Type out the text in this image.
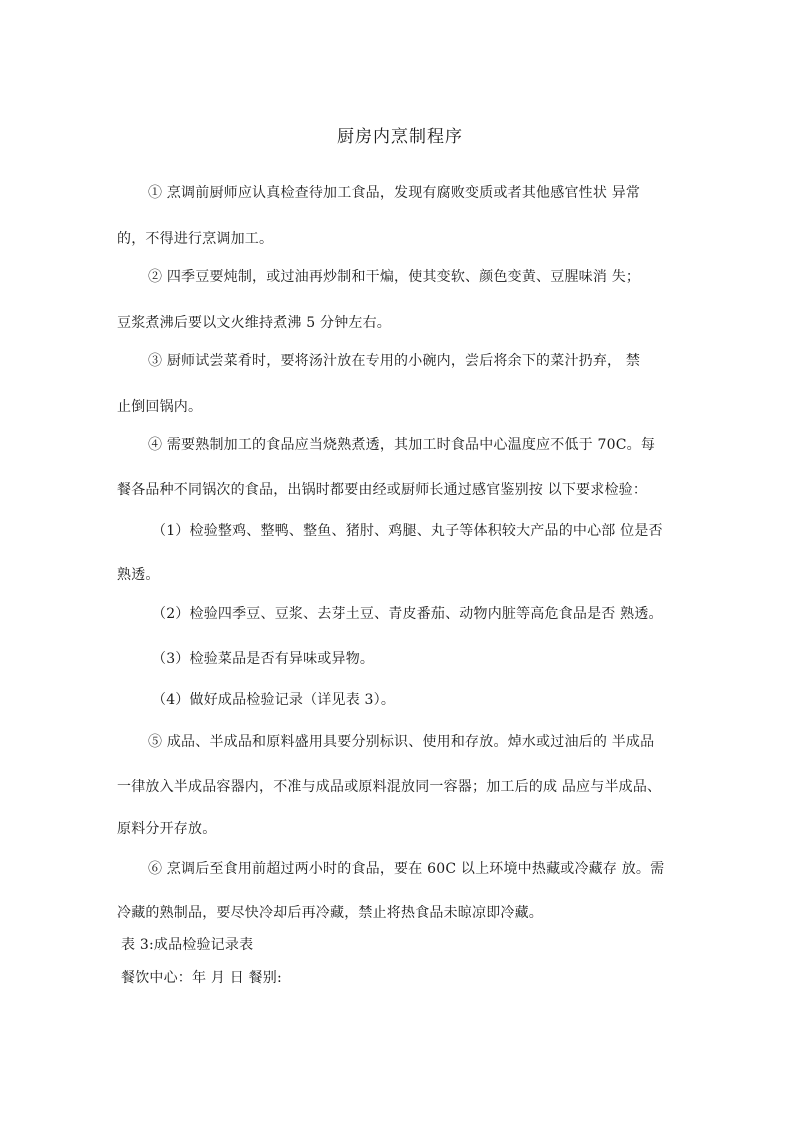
厨房内烹制程序
① 烹调前厨师应认真检查待加工食品，发现有腐败变质或者其他感官性状 异常
的，不得进行烹调加工。
② 四季豆要炖制，或过油再炒制和干煸，使其变软、颜色变黄、豆腥味消 失；
豆浆煮沸后要以文火维持煮沸 5 分钟左右。
③ 厨师试尝菜肴时，要将汤汁放在专用的小碗内，尝后将余下的菜汁扔弃， 禁
止倒回锅内。
④ 需要熟制加工的食品应当烧熟煮透，其加工时食品中心温度应不低于 70C。每
餐各品种不同锅次的食品，出锅时都要由经或厨师长通过感官鉴别按 以下要求检验：
（1）检验整鸡、整鸭、整鱼、猪肘、鸡腿、丸子等体积较大产品的中心部 位是否
熟透。
（2）检验四季豆、豆浆、去芽土豆、青皮番茄、动物内脏等高危食品是否 熟透。
（3）检验菜品是否有异味或异物。
（4）做好成品检验记录（详见表 3）。
⑤ 成品、半成品和原料盛用具要分别标识、使用和存放。焯水或过油后的 半成品
一律放入半成品容器内，不准与成品或原料混放同一容器；加工后的成 品应与半成品、
原料分开存放。
⑥ 烹调后至食用前超过两小时的食品，要在 60C 以上环境中热藏或冷藏存 放。需
冷藏的熟制品，要尽快冷却后再冷藏，禁止将热食品未晾凉即冷藏。
表 3:成品检验记录表
餐饮中心：年 月 日 餐别:
